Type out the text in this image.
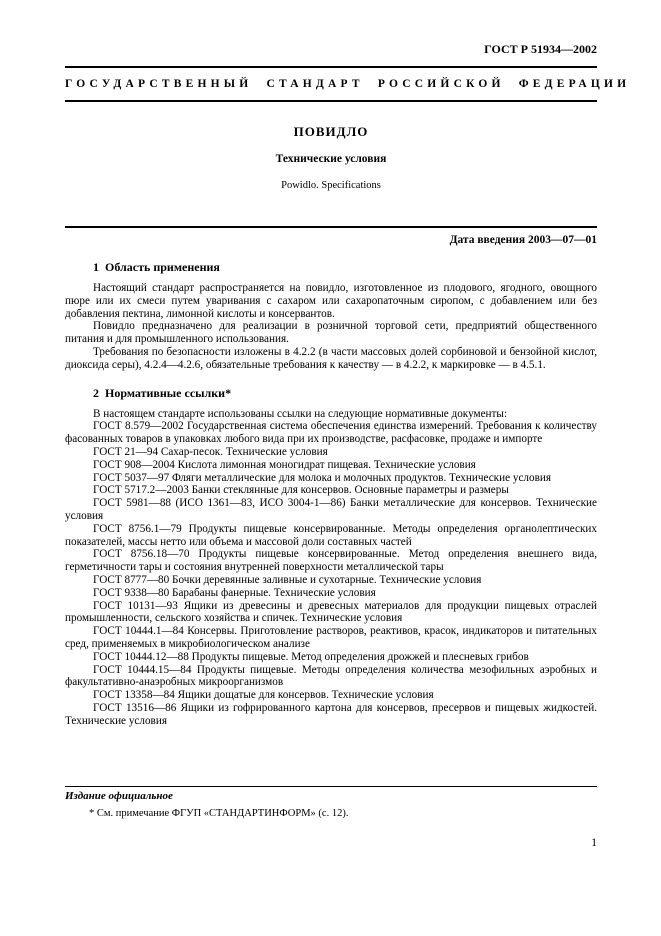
ГОСТ Р 51934—2002
ГОСУДАРСТВЕННЫЙ СТАНДАРТ РОССИЙСКОЙ ФЕДЕРАЦИИ
ПОВИДЛО
Технические условия
Powidlo. Specifications
Дата введения 2003—07—01
1  Область применения

Настоящий стандарт распространяется на повидло, изготовленное из плодового, ягодного, овощного пюре или их смеси путем уваривания с сахаром или сахаропаточным сиропом, с добавлением или без добавления пектина, лимонной кислоты и консервантов.

Повидло предназначено для реализации в розничной торговой сети, предприятий общественного питания и для промышленного использования.

Требования по безопасности изложены в 4.2.2 (в части массовых долей сорбиновой и бензойной кислот, диоксида серы), 4.2.4—4.2.6, обязательные требования к качеству — в 4.2.2, к маркировке — в 4.5.1.

2  Нормативные ссылки*

В настоящем стандарте использованы ссылки на следующие нормативные документы:

ГОСТ 8.579—2002 Государственная система обеспечения единства измерений. Требования к количеству фасованных товаров в упаковках любого вида при их производстве, расфасовке, продаже и импорте

ГОСТ 21—94 Сахар-песок. Технические условия

ГОСТ 908—2004 Кислота лимонная моногидрат пищевая. Технические условия

ГОСТ 5037—97 Фляги металлические для молока и молочных продуктов. Технические условия

ГОСТ 5717.2—2003 Банки стеклянные для консервов. Основные параметры и размеры

ГОСТ 5981—88 (ИСО 1361—83, ИСО 3004-1—86) Банки металлические для консервов. Технические условия

ГОСТ 8756.1—79 Продукты пищевые консервированные. Методы определения органолептических показателей, массы нетто или объема и массовой доли составных частей

ГОСТ 8756.18—70 Продукты пищевые консервированные. Метод определения внешнего вида, герметичности тары и состояния внутренней поверхности металлической тары

ГОСТ 8777—80 Бочки деревянные заливные и сухотарные. Технические условия

ГОСТ 9338—80 Барабаны фанерные. Технические условия

ГОСТ 10131—93 Ящики из древесины и древесных материалов для продукции пищевых отраслей промышленности, сельского хозяйства и спичек. Технические условия

ГОСТ 10444.1—84 Консервы. Приготовление растворов, реактивов, красок, индикаторов и питательных сред, применяемых в микробиологическом анализе

ГОСТ 10444.12—88 Продукты пищевые. Метод определения дрожжей и плесневых грибов

ГОСТ 10444.15—84 Продукты пищевые. Методы определения количества мезофильных аэробных и факультативно-анаэробных микроорганизмов

ГОСТ 13358—84 Ящики дощатые для консервов. Технические условия

ГОСТ 13516—86 Ящики из гофрированного картона для консервов, пресервов и пищевых жидкостей. Технические условия

Издание официальное
* См. примечание ФГУП «СТАНДАРТИНФОРМ» (с. 12).
1
